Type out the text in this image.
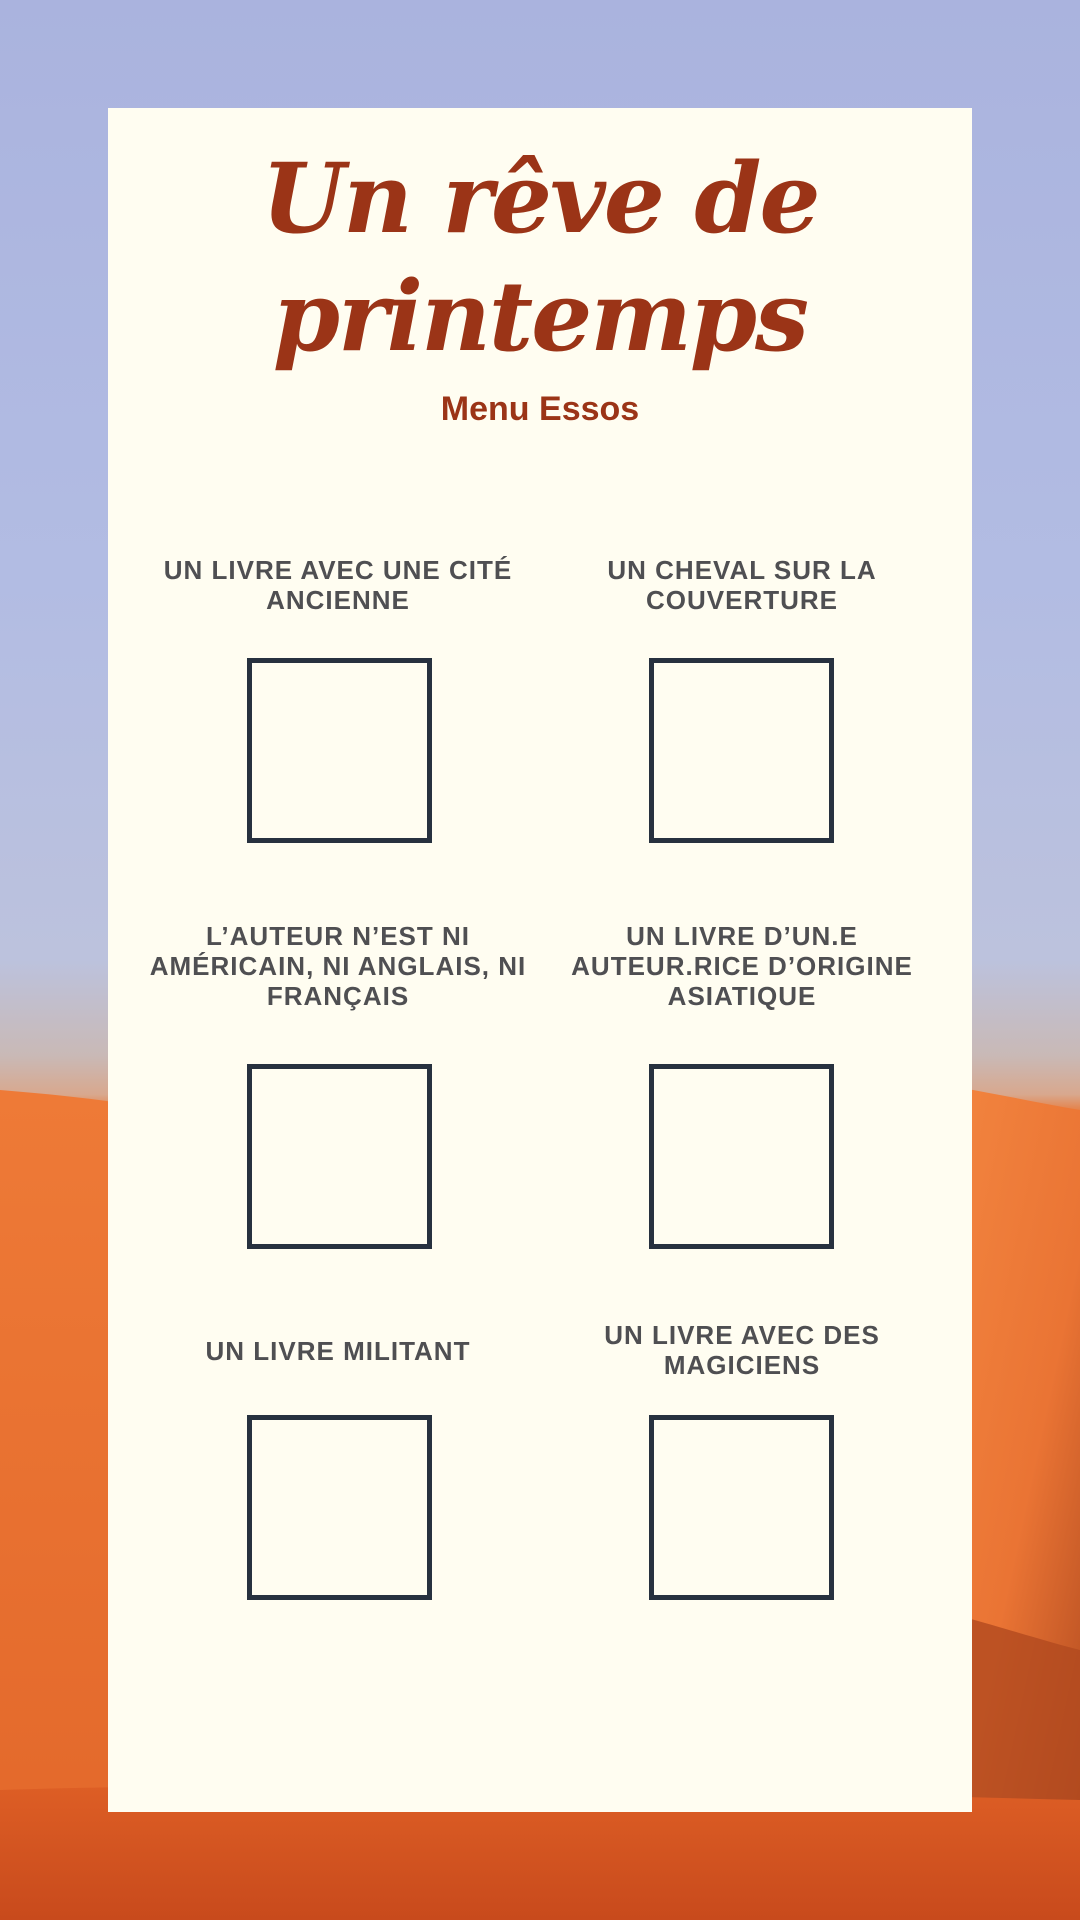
Un rêve de printemps

Menu Essos

UN LIVRE AVEC UNE CITÉ ANCIENNE
UN CHEVAL SUR LA COUVERTURE
L’AUTEUR N’EST NI AMÉRICAIN, NI ANGLAIS, NI FRANÇAIS
UN LIVRE D’UN.E AUTEUR.RICE D’ORIGINE ASIATIQUE
UN LIVRE MILITANT
UN LIVRE AVEC DES MAGICIENS
